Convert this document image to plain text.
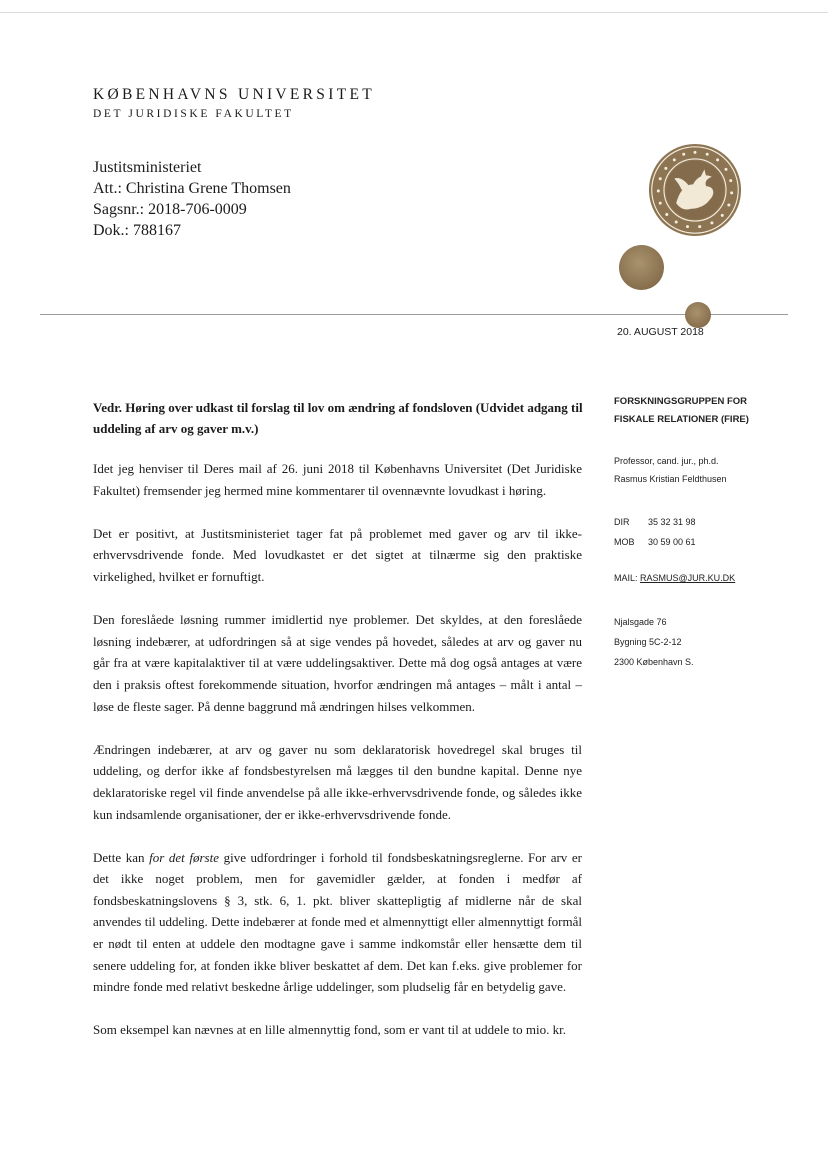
KØBENHAVNS UNIVERSITET
DET JURIDISKE FAKULTET
Justitsministeriet
Att.: Christina Grene Thomsen
Sagsnr.: 2018-706-0009
Dok.: 788167
20. AUGUST 2018
FORSKNINGSGRUPPEN FOR
FISKALE RELATIONER (FIRE)
Professor, cand. jur., ph.d.
Rasmus Kristian Feldthusen
DIR 35 32 31 98
MOB 30 59 00 61
MAIL: RASMUS@JUR.KU.DK
Njalsgade 76
Bygning 5C-2-12
2300 København S.
Vedr. Høring over udkast til forslag til lov om ændring af fondsloven (Udvidet adgang til uddeling af arv og gaver m.v.)

Idet jeg henviser til Deres mail af 26. juni 2018 til Københavns Universitet (Det Juridiske Fakultet) fremsender jeg hermed mine kommentarer til ovennævnte lovudkast i høring.

Det er positivt, at Justitsministeriet tager fat på problemet med gaver og arv til ikke-erhvervsdrivende fonde. Med lovudkastet er det sigtet at tilnærme sig den praktiske virkelighed, hvilket er fornuftigt.

Den foreslåede løsning rummer imidlertid nye problemer. Det skyldes, at den foreslåede løsning indebærer, at udfordringen så at sige vendes på hovedet, således at arv og gaver nu går fra at være kapitalaktiver til at være uddelingsaktiver. Dette må dog også antages at være den i praksis oftest forekommende situation, hvorfor ændringen må antages – målt i antal – løse de fleste sager. På denne baggrund må ændringen hilses velkommen.

Ændringen indebærer, at arv og gaver nu som deklaratorisk hovedregel skal bruges til uddeling, og derfor ikke af fondsbestyrelsen må lægges til den bundne kapital. Denne nye deklaratoriske regel vil finde anvendelse på alle ikke-erhvervsdrivende fonde, og således ikke kun indsamlende organisationer, der er ikke-erhvervsdrivende fonde.

Dette kan for det første give udfordringer i forhold til fondsbeskatningsreglerne. For arv er det ikke noget problem, men for gavemidler gælder, at fonden i medfør af fondsbeskatningslovens § 3, stk. 6, 1. pkt. bliver skattepligtig af midlerne når de skal anvendes til uddeling. Dette indebærer at fonde med et almennyttigt eller almennyttigt formål er nødt til enten at uddele den modtagne gave i samme indkomstår eller hensætte dem til senere uddeling for, at fonden ikke bliver beskattet af dem. Det kan f.eks. give problemer for mindre fonde med relativt beskedne årlige uddelinger, som pludselig får en betydelig gave.

Som eksempel kan nævnes at en lille almennyttig fond, som er vant til at uddele to mio. kr.
